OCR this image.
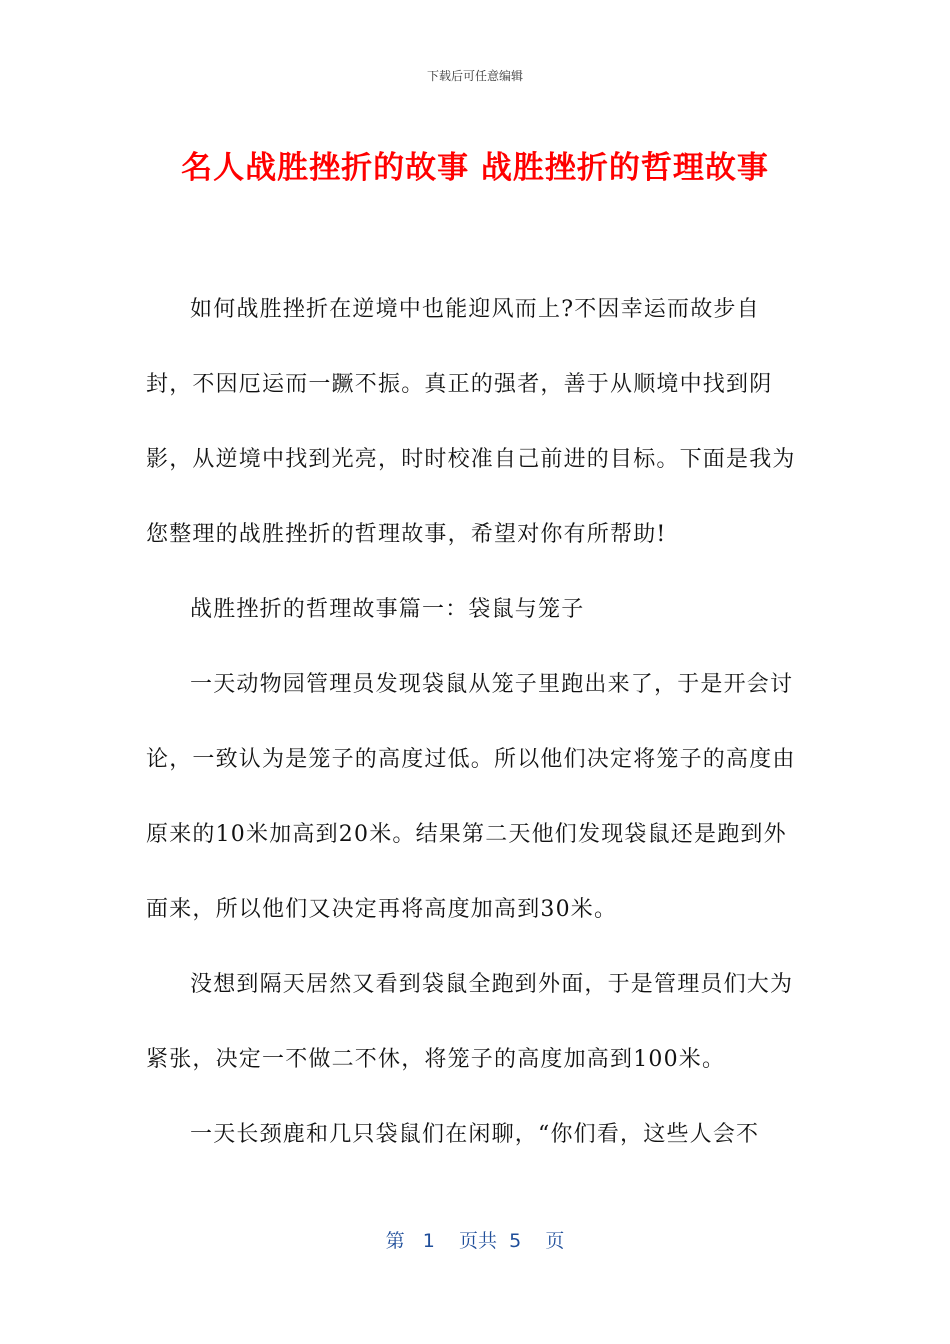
下载后可任意编辑
名人战胜挫折的故事 战胜挫折的哲理故事

如何战胜挫折在逆境中也能迎风而上?不因幸运而故步自封，不因厄运而一蹶不振。真正的强者，善于从顺境中找到阴影，从逆境中找到光亮，时时校准自己前进的目标。下面是我为您整理的战胜挫折的哲理故事，希望对你有所帮助!

战胜挫折的哲理故事篇一：袋鼠与笼子

一天动物园管理员发现袋鼠从笼子里跑出来了，于是开会讨论，一致认为是笼子的高度过低。所以他们决定将笼子的高度由原来的10米加高到20米。结果第二天他们发现袋鼠还是跑到外面来，所以他们又决定再将高度加高到30米。

没想到隔天居然又看到袋鼠全跑到外面，于是管理员们大为紧张，决定一不做二不休，将笼子的高度加高到100米。

一天长颈鹿和几只袋鼠们在闲聊，“你们看，这些人会不

第 1 页共 5 页
